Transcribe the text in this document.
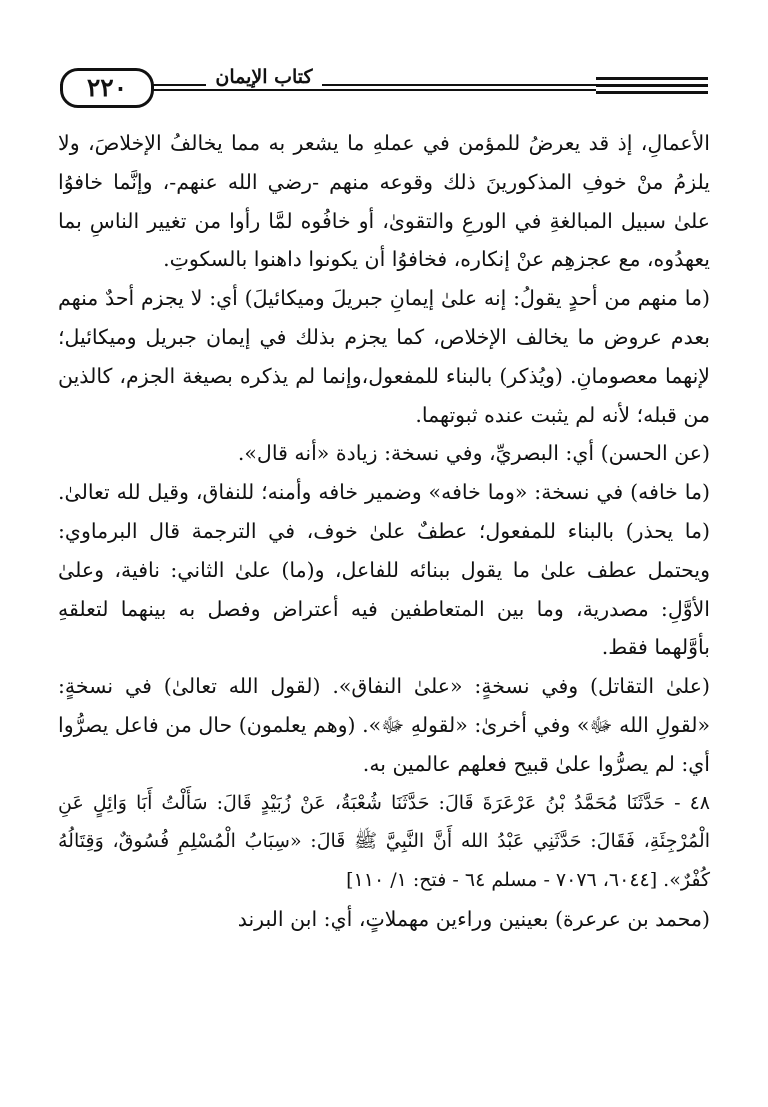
٢٢٠	كتاب الإيمان

الأعمالِ، إذ قد يعرضُ للمؤمن في عملهِ ما يشعر به مما يخالفُ الإخلاصَ، ولا يلزمُ منْ خوفِ المذكورينَ ذلك وقوعه منهم -رضي الله عنهم-، وإنَّما خافوُا علىٰ سبيل المبالغةِ في الورعِ والتقوىٰ، أو خافُوه لمَّا رأوا من تغيير الناسِ بما يعهدُوه، مع عجزهِم عنْ إنكاره، فخافوُا أن يكونوا داهنوا بالسكوتِ.

(ما منهم من أحدٍ يقولُ: إنه علىٰ إيمانِ جبريلَ وميكائيلَ) أي: لا يجزم أحدٌ منهم بعدم عروض ما يخالف الإخلاص، كما يجزم بذلك في إيمان جبريل وميكائيل؛ لإنهما معصومانِ. (ويُذكر) بالبناء للمفعول،وإنما لم يذكره بصيغة الجزم، كالذين من قبله؛ لأنه لم يثبت عنده ثبوتهما.

(عن الحسن) أي: البصريِّ، وفي نسخة: زيادة «أنه قال».

(ما خافه) في نسخة: «وما خافه» وضمير خافه وأمنه؛ للنفاق، وقيل لله تعالىٰ. (ما يحذر) بالبناء للمفعول؛ عطفٌ علىٰ خوف، في الترجمة قال البرماوي: ويحتمل عطف علىٰ ما يقول ببنائه للفاعل، و(ما) علىٰ الثاني: نافية، وعلىٰ الأوَّلِ: مصدرية، وما بين المتعاطفين فيه أعتراض وفصل به بينهما لتعلقهِ بأوَّلهما فقط.

(علىٰ التقاتل) وفي نسخةٍ: «علىٰ النفاق». (لقول الله تعالىٰ) في نسخةٍ: «لقولِ الله ﷻ» وفي أخرىٰ: «لقولهِ ﷻ». (وهم يعلمون) حال من فاعل يصرُّوا أي: لم يصرُّوا علىٰ قبيح فعلهم عالمين به.

٤٨ - حَدَّثَنَا مُحَمَّدُ بْنُ عَرْعَرَةَ قَالَ: حَدَّثَنَا شُعْبَةُ، عَنْ زُبَيْدٍ قَالَ: سَأَلْتُ أَبَا وَائِلٍ عَنِ الْمُرْجِئَةِ، فَقَالَ: حَدَّثَنِي عَبْدُ الله أَنَّ النَّبِيَّ ﷺ قَالَ: «سِبَابُ الْمُسْلِمِ فُسُوقٌ، وَقِتَالُهُ كُفْرٌ». [٦٠٤٤، ٧٠٧٦ - مسلم ٦٤ - فتح: ١/ ١١٠]

(محمد بن عرعرة) بعينين وراءين مهملاتٍ، أي: ابن البرند
